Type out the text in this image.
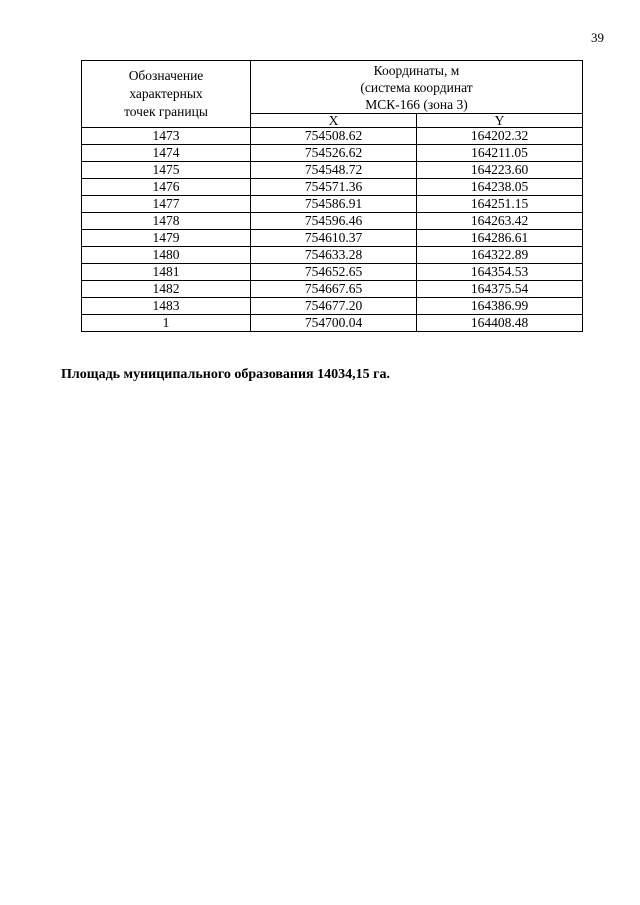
39
Обозначение
характерных
точек границы	Координаты, м
(система координат
МСК-166 (зона 3)	
	X	Y
1473	754508.62	164202.32
1474	754526.62	164211.05
1475	754548.72	164223.60
1476	754571.36	164238.05
1477	754586.91	164251.15
1478	754596.46	164263.42
1479	754610.37	164286.61
1480	754633.28	164322.89
1481	754652.65	164354.53
1482	754667.65	164375.54
1483	754677.20	164386.99
1	754700.04	164408.48
Площадь муниципального образования 14034,15 га.
